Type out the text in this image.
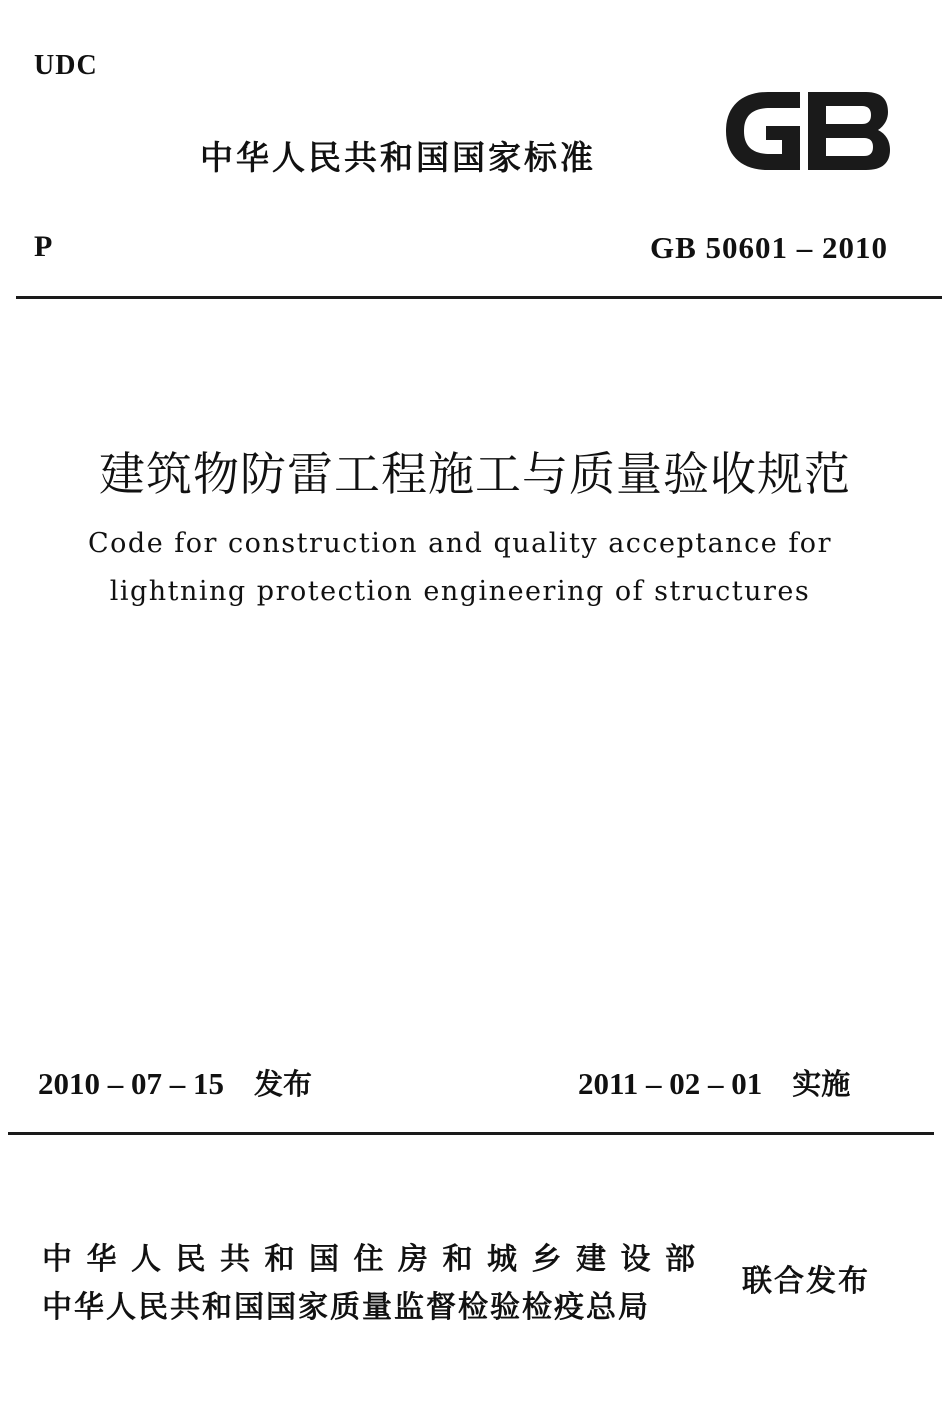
UDC
中华人民共和国国家标准	GB
P	GB 50601 – 2010
建筑物防雷工程施工与质量验收规范
Code for construction and quality acceptance for
lightning protection engineering of structures
2010 – 07 – 15 发布	2011 – 02 – 01 实施
中华人民共和国住房和城乡建设部
中华人民共和国国家质量监督检验检疫总局
联合发布
